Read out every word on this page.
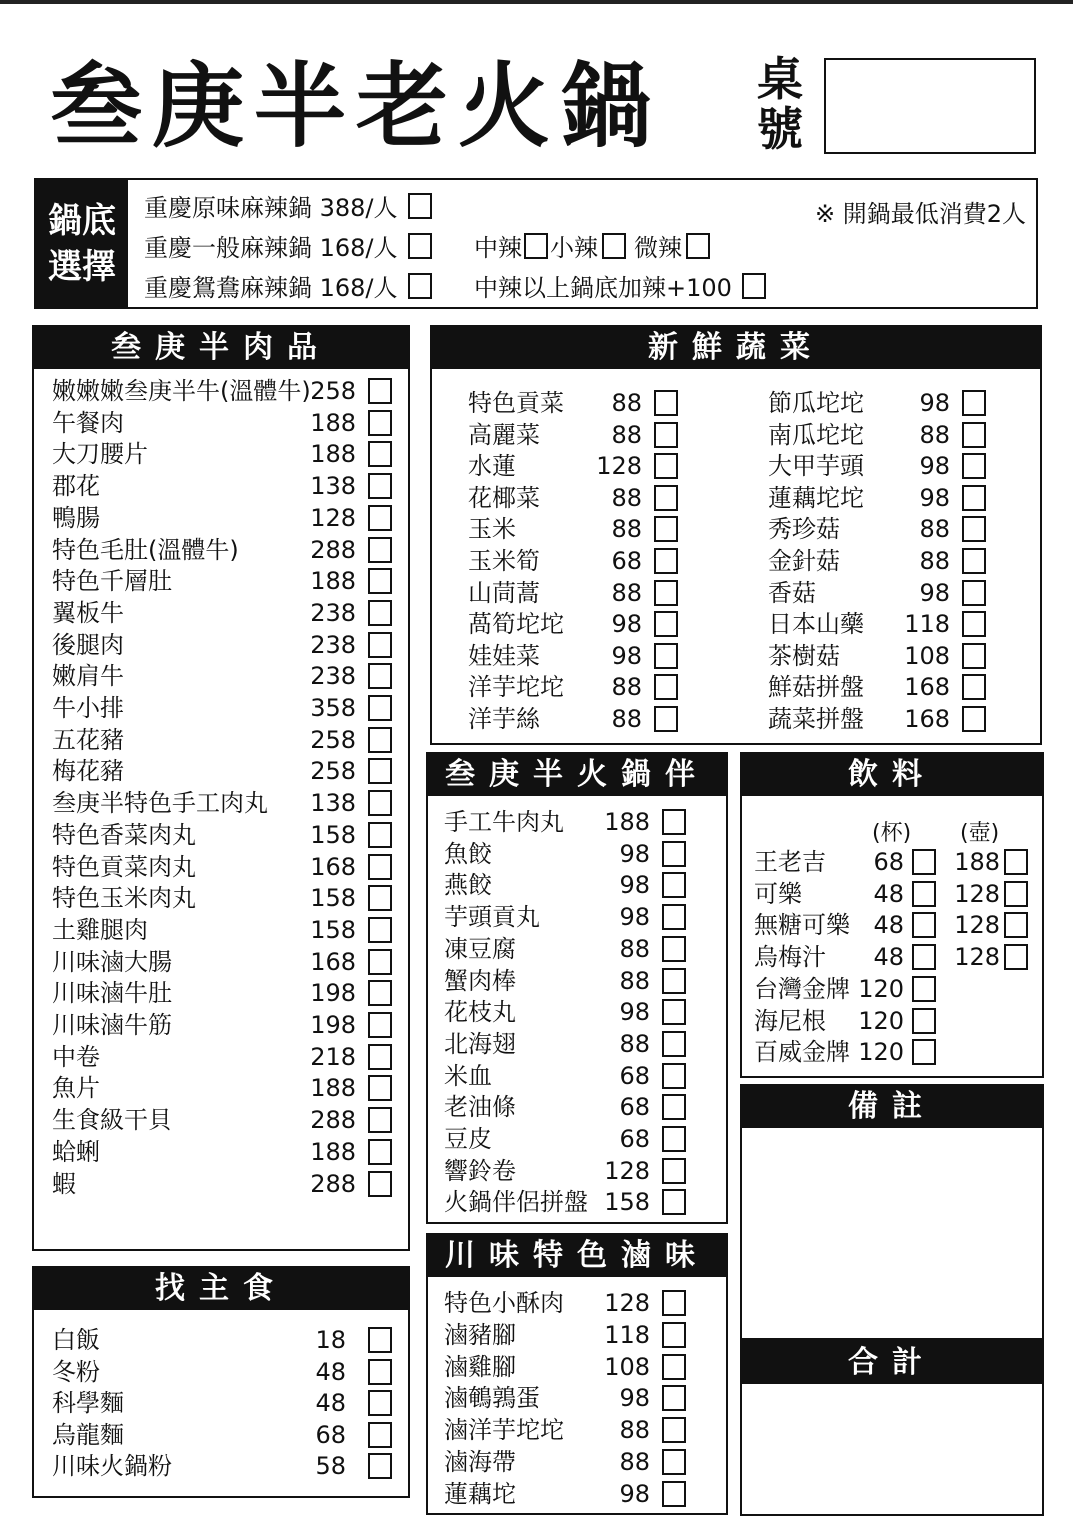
叁庚半老火鍋 桌號
鍋底
選擇
重慶原味麻辣鍋 388/人
重慶一般麻辣鍋 168/人
重慶鴛鴦麻辣鍋 168/人
中辣 小辣 微辣
中辣以上鍋底加辣+100
※ 開鍋最低消費2人
叁庚半肉品
嫩嫩嫩叁庚半牛(溫體牛) 258
午餐肉	188
大刀腰片	188
郡花	138
鴨腸	128
特色毛肚(溫體牛)	288
特色千層肚	188
翼板牛	238
後腿肉	238
嫩肩牛	238
牛小排	358
五花豬	258
梅花豬	258
叁庚半特色手工肉丸 138
特色香菜肉丸	158
特色貢菜肉丸	168
特色玉米肉丸	158
土雞腿肉	158
川味滷大腸	168
川味滷牛肚	198
川味滷牛筋	198
中卷	218
魚片	188
生食級干貝	288
蛤蜊	188
蝦	288
找主食
白飯	18
冬粉	48
科學麵	48
烏龍麵	68
川味火鍋粉	58
新鮮蔬菜
特色貢菜 88
高麗菜	88
水蓮	128
花椰菜	88
玉米	88
玉米筍	68
山茼蒿	88
萵筍坨坨 98
娃娃菜	98
洋芋坨坨 88
洋芋絲	88
節瓜坨坨 98
南瓜坨坨 88
大甲芋頭 98
蓮藕坨坨 98
秀珍菇	88
金針菇	88
香菇	98
日本山藥 118
茶樹菇	108
鮮菇拼盤 168
蔬菜拼盤 168
叁庚半火鍋伴侶
手工牛肉丸 188
魚餃	98
燕餃	98
芋頭貢丸	98
凍豆腐	88
蟹肉棒	88
花枝丸	98
北海翅	88
米血	68
老油條	68
豆皮	68
響鈴卷	128
火鍋伴侶拼盤 158
川味特色滷味
特色小酥肉 128
滷豬腳	118
滷雞腳	108
滷鵪鶉蛋	98
滷洋芋坨坨 88
滷海帶	88
蓮藕坨	98
飲料
(杯) (壺)
王老吉	68 188
可樂	48 128
無糖可樂 48 128
烏梅汁	48 128
台灣金牌 120
海尼根 120
百威金牌 120
備註
合計
